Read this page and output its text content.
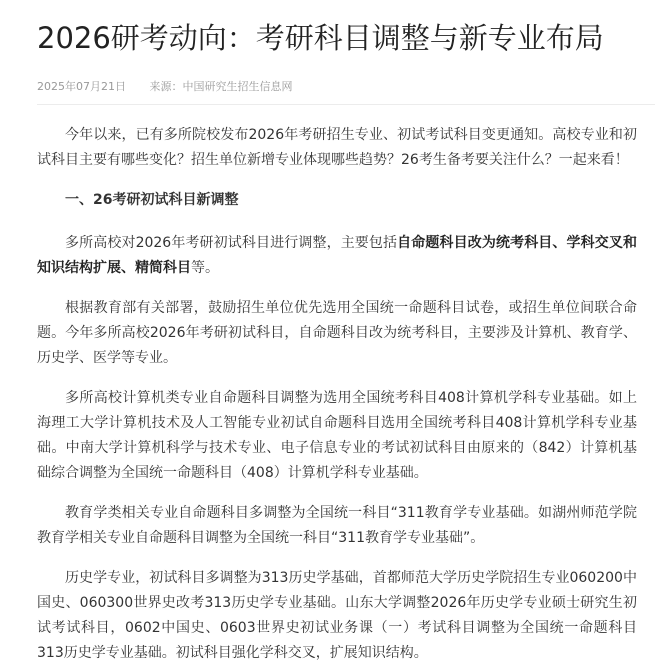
2026研考动向：考研科目调整与新专业布局
2025年07月21日 来源：中国研究生招生信息网

今年以来，已有多所院校发布2026年考研招生专业、初试考试科目变更通知。高校专业和初试科目主要有哪些变化？招生单位新增专业体现哪些趋势？26考生备考要关注什么？一起来看！

一、26考研初试科目新调整

多所高校对2026年考研初试科目进行调整，主要包括自命题科目改为统考科目、学科交叉和知识结构扩展、精简科目等。

根据教育部有关部署，鼓励招生单位优先选用全国统一命题科目试卷，或招生单位间联合命题。今年多所高校2026年考研初试科目，自命题科目改为统考科目，主要涉及计算机、教育学、历史学、医学等专业。

多所高校计算机类专业自命题科目调整为选用全国统考科目408计算机学科专业基础。如上海理工大学计算机技术及人工智能专业初试自命题科目选用全国统考科目408计算机学科专业基础。中南大学计算机科学与技术专业、电子信息专业的考试初试科目由原来的（842）计算机基础综合调整为全国统一命题科目（408）计算机学科专业基础。

教育学类相关专业自命题科目多调整为全国统一科目“311教育学专业基础。如湖州师范学院教育学相关专业自命题科目调整为全国统一科目“311教育学专业基础”。

历史学专业，初试科目多调整为313历史学基础，首都师范大学历史学院招生专业060200中国史、060300世界史改考313历史学专业基础。山东大学调整2026年历史学专业硕士研究生初试考试科目，0602中国史、0603世界史初试业务课（一）考试科目调整为全国统一命题科目313历史学专业基础。初试科目强化学科交叉，扩展知识结构。
